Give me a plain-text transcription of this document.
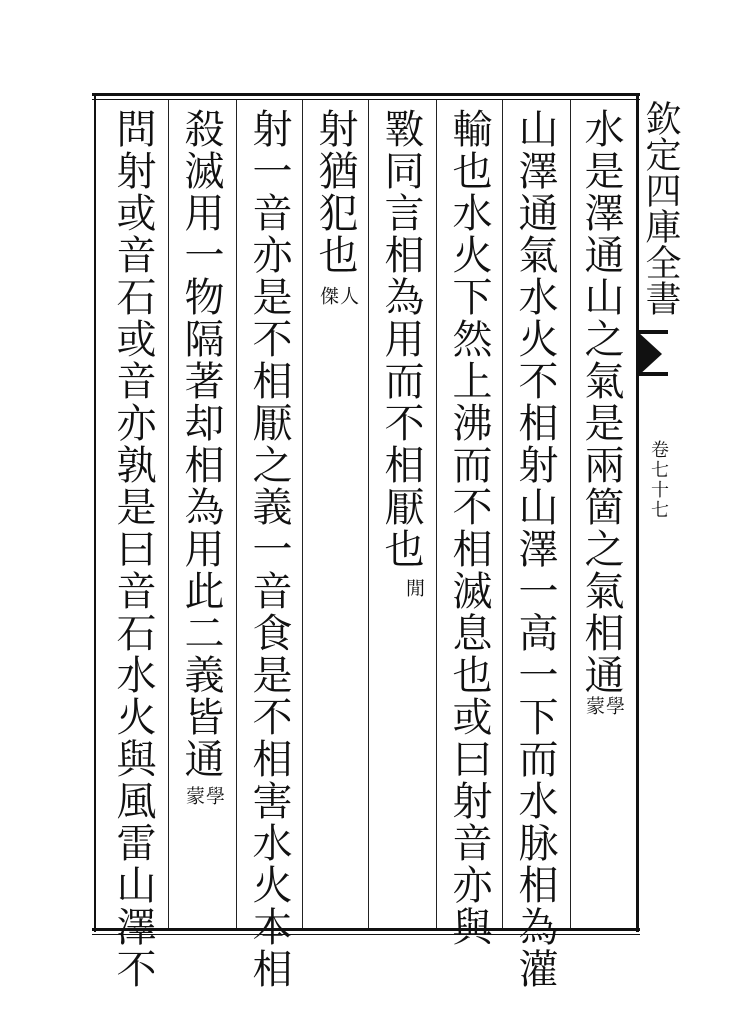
欽定四庫全書
卷七十七
水是澤通山之氣是兩箇之氣相通學
蒙
山澤通氣水火不相射山澤一高一下而水脉相為灌
輸也水火下然上沸而不相滅息也或曰射音亦與
斁同言相為用而不相厭也閒
射猶犯也人
傑
射一音亦是不相厭之義一音食是不相害水火本相
殺滅用一物隔著却相為用此二義皆通學
蒙
問射或音石或音亦孰是曰音石水火與風雷山澤不
